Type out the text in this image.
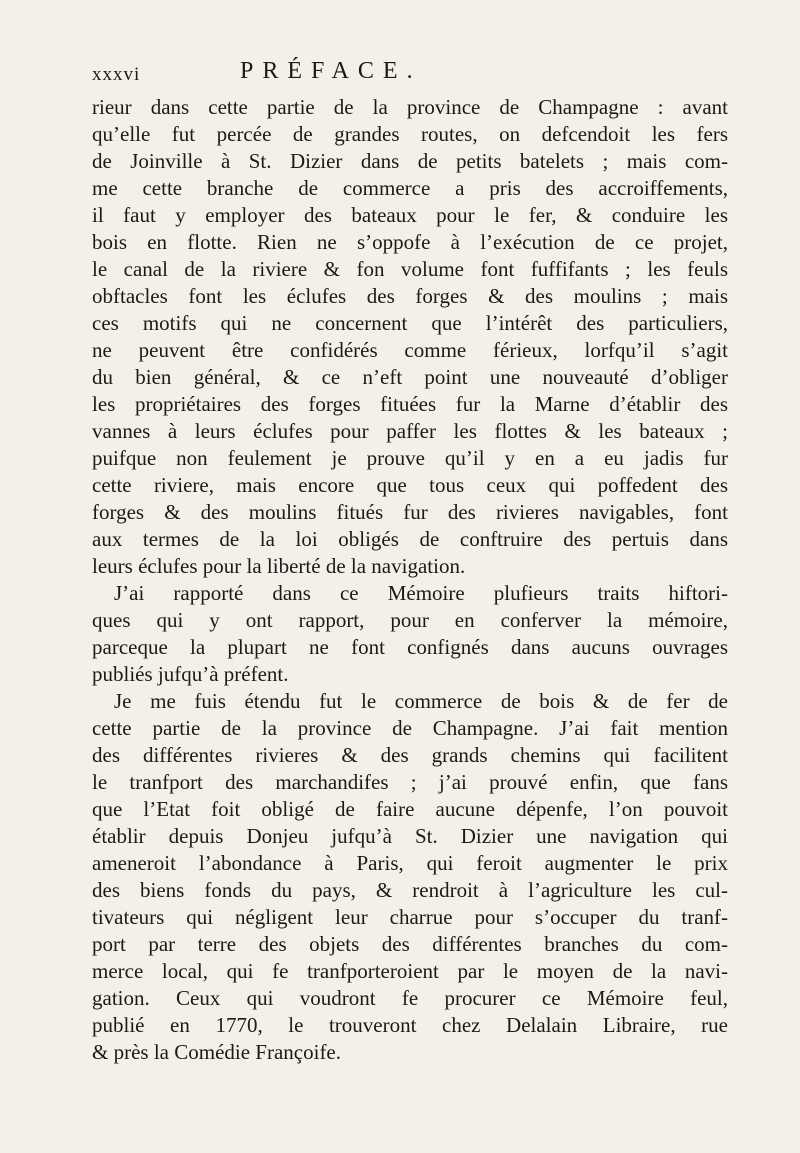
xxxvi	PRÉFACE.
rieur dans cette partie de la province de Champagne : avant
qu’elle fut percée de grandes routes, on defcendoit les fers
de Joinville à St. Dizier dans de petits batelets ; mais com-
me cette branche de commerce a pris des accroiffements,
il faut y employer des bateaux pour le fer, & conduire les
bois en flotte. Rien ne s’oppofe à l’exécution de ce projet,
le canal de la riviere & fon volume font fuffifants ; les feuls
obftacles font les éclufes des forges & des moulins ; mais
ces motifs qui ne concernent que l’intérêt des particuliers,
ne peuvent être confidérés comme férieux, lorfqu’il s’agit
du bien général, & ce n’eft point une nouveauté d’obliger
les propriétaires des forges fituées fur la Marne d’établir des
vannes à leurs éclufes pour paffer les flottes & les bateaux ;
puifque non feulement je prouve qu’il y en a eu jadis fur
cette riviere, mais encore que tous ceux qui poffedent des
forges & des moulins fitués fur des rivieres navigables, font
aux termes de la loi obligés de conftruire des pertuis dans
leurs éclufes pour la liberté de la navigation.
J’ai rapporté dans ce Mémoire plufieurs traits hiftori-
ques qui y ont rapport, pour en conferver la mémoire,
parceque la plupart ne font confignés dans aucuns ouvrages
publiés jufqu’à préfent.
Je me fuis étendu fut le commerce de bois & de fer de
cette partie de la province de Champagne. J’ai fait mention
des différentes rivieres & des grands chemins qui facilitent
le tranfport des marchandifes ; j’ai prouvé enfin, que fans
que l’Etat foit obligé de faire aucune dépenfe, l’on pouvoit
établir depuis Donjeu jufqu’à St. Dizier une navigation qui
ameneroit l’abondance à Paris, qui feroit augmenter le prix
des biens fonds du pays, & rendroit à l’agriculture les cul-
tivateurs qui négligent leur charrue pour s’occuper du tranf-
port par terre des objets des différentes branches du com-
merce local, qui fe tranfporteroient par le moyen de la navi-
gation. Ceux qui voudront fe procurer ce Mémoire feul,
publié en 1770, le trouveront chez Delalain Libraire, rue
& près la Comédie Françoife.
